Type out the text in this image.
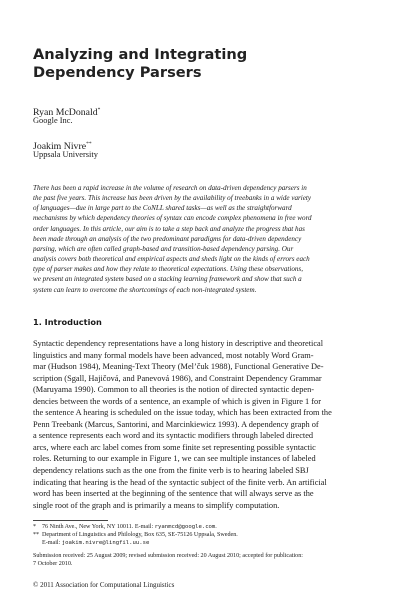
Analyzing and Integrating
Dependency Parsers
Ryan McDonald*
Google Inc.
Joakim Nivre**
Uppsala University
There has been a rapid increase in the volume of research on data-driven dependency parsers in
the past five years. This increase has been driven by the availability of treebanks in a wide variety
of languages—due in large part to the CoNLL shared tasks—as well as the straightforward
mechanisms by which dependency theories of syntax can encode complex phenomena in free word
order languages. In this article, our aim is to take a step back and analyze the progress that has
been made through an analysis of the two predominant paradigms for data-driven dependency
parsing, which are often called graph-based and transition-based dependency parsing. Our
analysis covers both theoretical and empirical aspects and sheds light on the kinds of errors each
type of parser makes and how they relate to theoretical expectations. Using these observations,
we present an integrated system based on a stacking learning framework and show that such a
system can learn to overcome the shortcomings of each non-integrated system.
1. Introduction
Syntactic dependency representations have a long history in descriptive and theoretical
linguistics and many formal models have been advanced, most notably Word Gram-
mar (Hudson 1984), Meaning-Text Theory (Mel’čuk 1988), Functional Generative De-
scription (Sgall, Hajičová, and Panevová 1986), and Constraint Dependency Grammar
(Maruyama 1990). Common to all theories is the notion of directed syntactic depen-
dencies between the words of a sentence, an example of which is given in Figure 1 for
the sentence A hearing is scheduled on the issue today, which has been extracted from the
Penn Treebank (Marcus, Santorini, and Marcinkiewicz 1993). A dependency graph of
a sentence represents each word and its syntactic modifiers through labeled directed
arcs, where each arc label comes from some finite set representing possible syntactic
roles. Returning to our example in Figure 1, we can see multiple instances of labeled
dependency relations such as the one from the finite verb is to hearing labeled SBJ
indicating that hearing is the head of the syntactic subject of the finite verb. An artificial
word has been inserted at the beginning of the sentence that will always serve as the
single root of the graph and is primarily a means to simplify computation.
* 76 Ninth Ave., New York, NY 10011. E-mail: ryanmcd@google.com.
** Department of Linguistics and Philology, Box 635, SE-75126 Uppsala, Sweden.
E-mail: joakim.nivre@lingfil.uu.se
Submission received: 25 August 2009; revised submission received: 20 August 2010; accepted for publication:
7 October 2010.
© 2011 Association for Computational Linguistics
